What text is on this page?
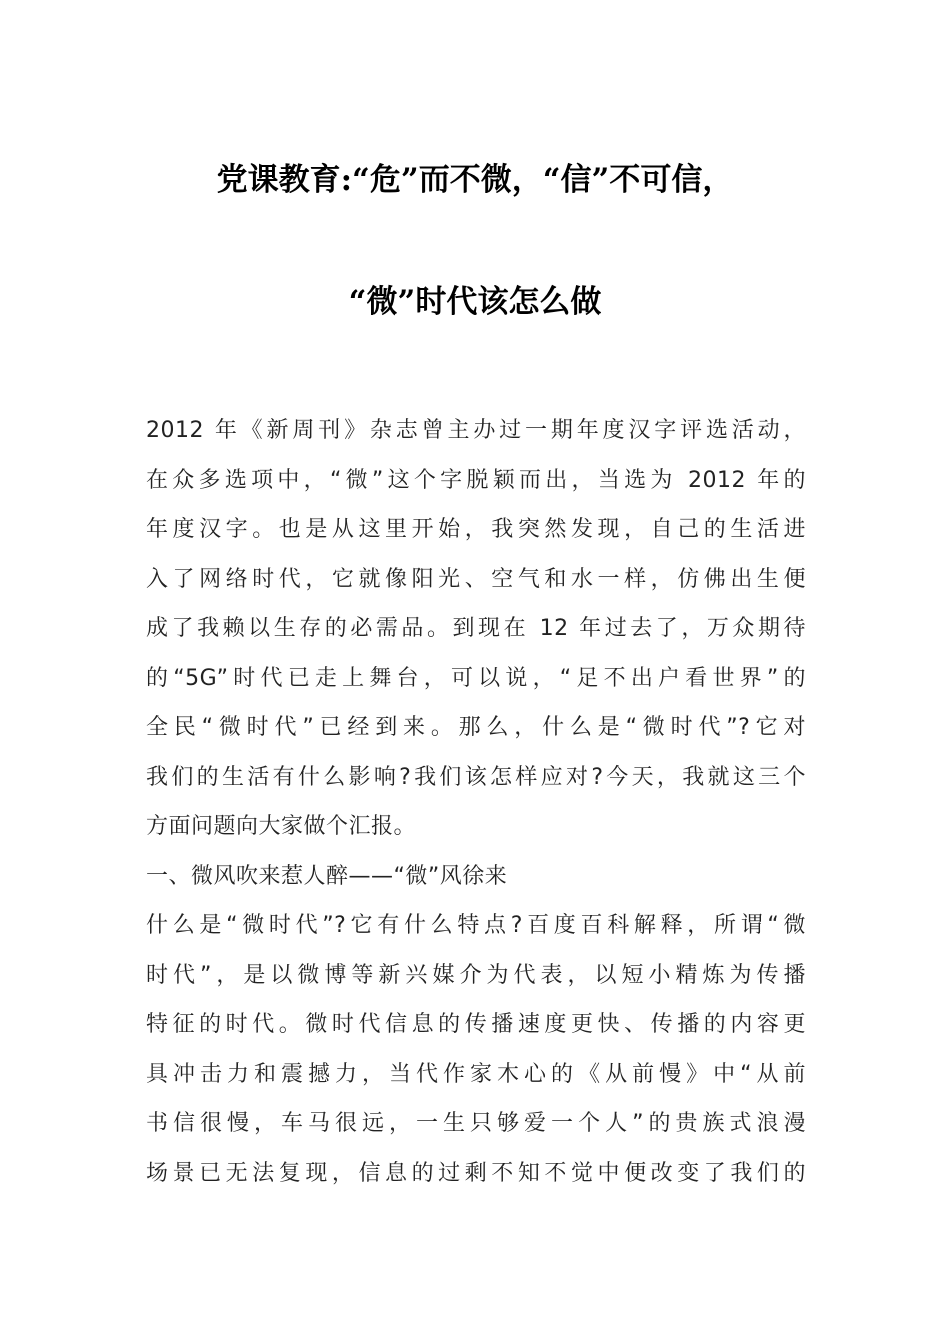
党课教育:“危”而不微，“信”不可信，
“微”时代该怎么做
2012 年《新周刊》杂志曾主办过一期年度汉字评选活动，
在众多选项中，“微”这个字脱颖而出，当选为 2012 年的
年度汉字。也是从这里开始，我突然发现，自己的生活进
入了网络时代，它就像阳光、空气和水一样，仿佛出生便
成了我赖以生存的必需品。到现在 12 年过去了，万众期待
的“5G”时代已走上舞台，可以说，“足不出户看世界”的
全民“微时代”已经到来。那么，什么是“微时代”?它对
我们的生活有什么影响?我们该怎样应对?今天，我就这三个
方面问题向大家做个汇报。
一、微风吹来惹人醉——“微”风徐来
什么是“微时代”?它有什么特点?百度百科解释，所谓“微
时代”，是以微博等新兴媒介为代表，以短小精炼为传播
特征的时代。微时代信息的传播速度更快、传播的内容更
具冲击力和震撼力，当代作家木心的《从前慢》中“从前
书信很慢，车马很远，一生只够爱一个人”的贵族式浪漫
场景已无法复现，信息的过剩不知不觉中便改变了我们的
